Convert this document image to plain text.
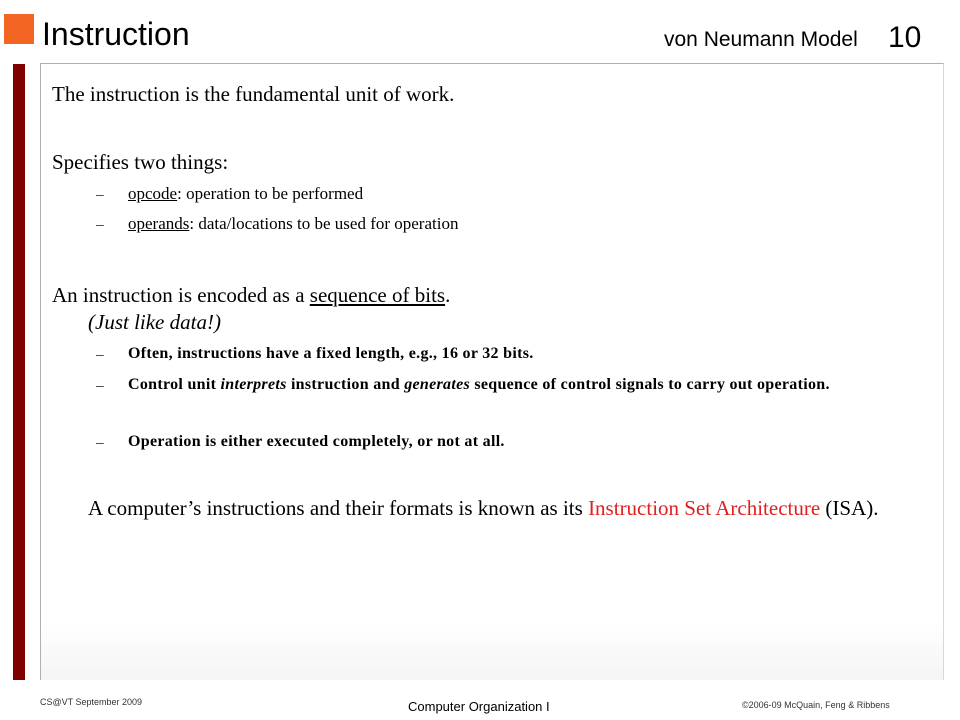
Instruction	von Neumann Model 10
The instruction is the fundamental unit of work.
Specifies two things:
– opcode: operation to be performed
– operands: data/locations to be used for operation
An instruction is encoded as a sequence of bits.
(Just like data!)
– Often, instructions have a fixed length, e.g., 16 or 32 bits.
– Control unit interprets instruction and generates sequence of control signals to carry out operation.
– Operation is either executed completely, or not at all.
A computer’s instructions and their formats is known as its Instruction Set Architecture (ISA).
CS@VT September 2009	Computer Organization I	©2006-09 McQuain, Feng & Ribbens
